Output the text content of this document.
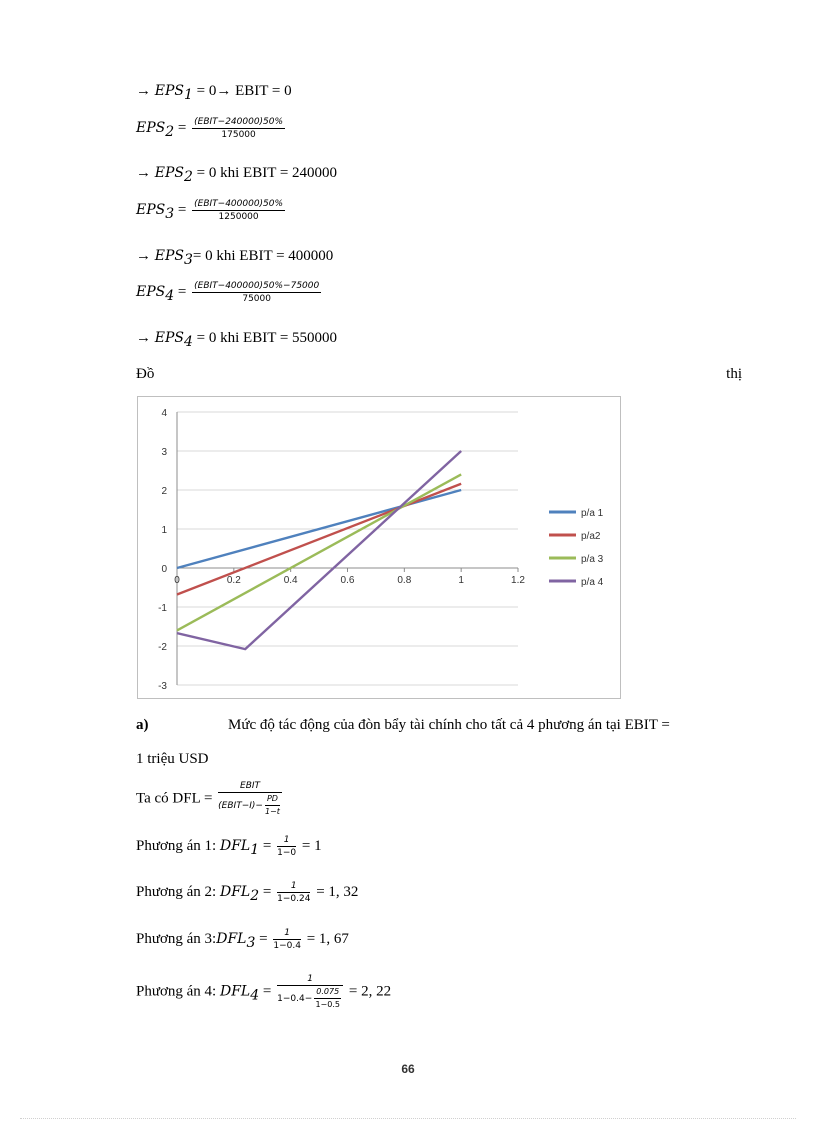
→ $EPS_1 = 0\to$ EBIT = 0
$EPS_2 = \frac{\text{(EBIT−240000)50\%}}{175000}$
→ $EPS_2 = 0$ khi EBIT = 240000
$EPS_3 = \frac{\text{(EBIT−400000)50\%}}{1250000}$
→ $EPS_3= 0$ khi EBIT = 400000
$EPS_4 = \frac{\text{(EBIT−400000)50\%−75000}}{75000}$
→ $EPS_4 = 0$ khi EBIT = 550000
Đồ	thị
4
3
2
1
0
-1
-2
-3
0	0.2	0.4	0.6	0.8	1	1.2
p/a 1
p/a2
p/a 3
p/a 4
a)	Mức độ tác động của đòn bẩy tài chính cho tất cả 4 phương án tại EBIT =
1 triệu USD
Ta có DFL = $\frac{\text{EBIT}}{(EBIT-I)- \frac{PD}{1-t}}$
Phương án 1: $DFL_1 = \frac{1}{1-0} = 1$
Phương án 2: $DFL_2 = \frac{1}{1-0.24} = 1$, 32
Phương án $3:DFL_3 = \frac{1}{1-0.4} = 1$, 67
Phương án 4: $DFL_4 = \frac{1}{1-0.4- \frac{0.075}{1-0.5}} = 2$, 22
66
